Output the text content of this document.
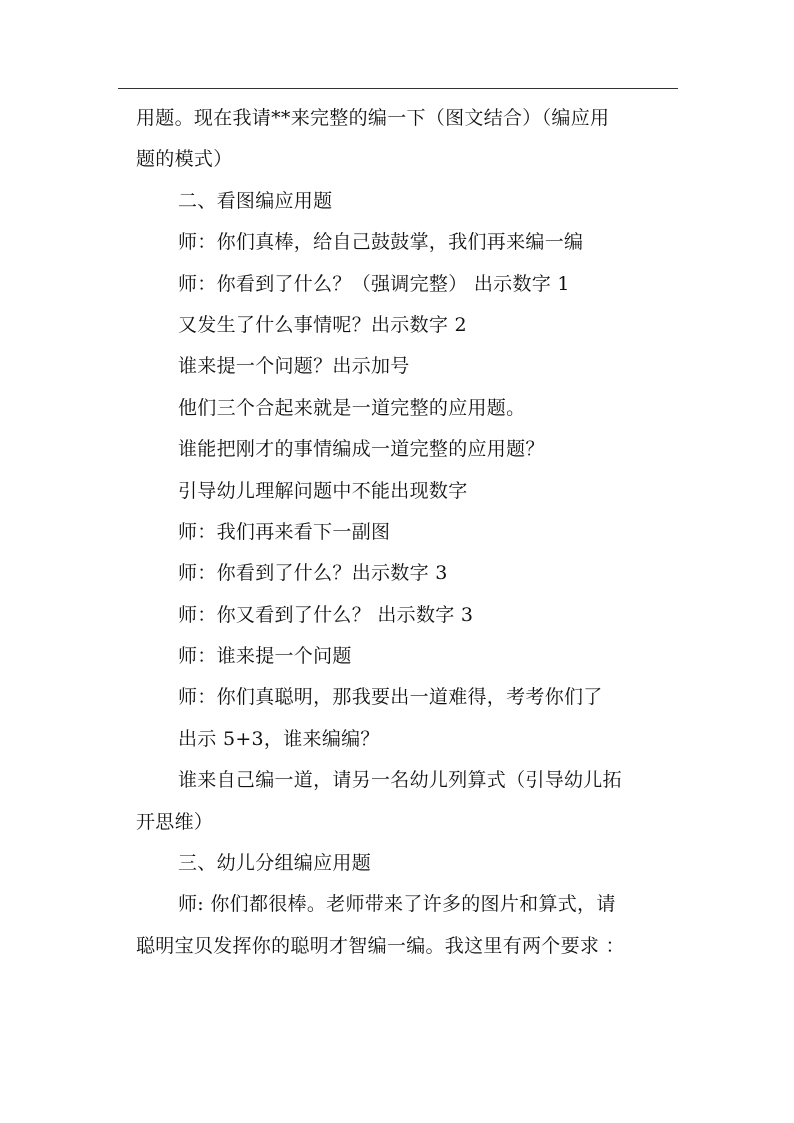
用题。现在我请**来完整的编一下（图文结合）（编应用
题的模式）
二、看图编应用题
师：你们真棒，给自己鼓鼓掌，我们再来编一编
师：你看到了什么？（强调完整） 出示数字 1
又发生了什么事情呢？出示数字 2
谁来提一个问题？出示加号
他们三个合起来就是一道完整的应用题。
谁能把刚才的事情编成一道完整的应用题？
引导幼儿理解问题中不能出现数字
师：我们再来看下一副图
师：你看到了什么？出示数字 3
师：你又看到了什么？ 出示数字 3
师：谁来提一个问题
师：你们真聪明，那我要出一道难得，考考你们了
出示 5+3，谁来编编？
谁来自己编一道，请另一名幼儿列算式（引导幼儿拓
开思维）
三、幼儿分组编应用题
师: 你们都很棒。老师带来了许多的图片和算式，请
聪明宝贝发挥你的聪明才智编一编。我这里有两个要求 ：
